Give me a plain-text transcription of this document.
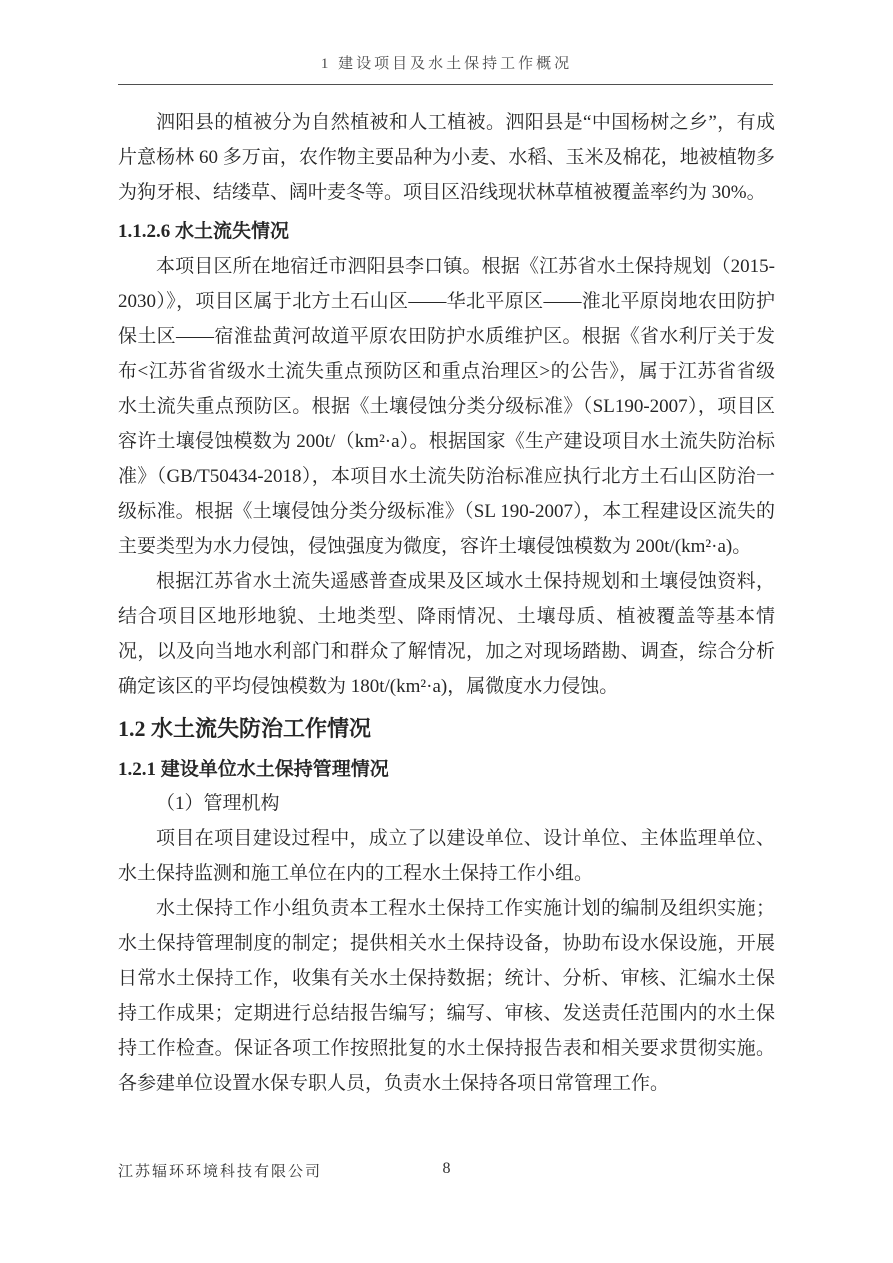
1 建设项目及水土保持工作概况

泗阳县的植被分为自然植被和人工植被。泗阳县是“中国杨树之乡”，有成片意杨林 60 多万亩，农作物主要品种为小麦、水稻、玉米及棉花，地被植物多为狗牙根、结缕草、阔叶麦冬等。项目区沿线现状林草植被覆盖率约为 30%。

1.1.2.6 水土流失情况

本项目区所在地宿迁市泗阳县李口镇。根据《江苏省水土保持规划（2015-2030）》，项目区属于北方土石山区——华北平原区——淮北平原岗地农田防护保土区——宿淮盐黄河故道平原农田防护水质维护区。根据《省水利厅关于发布<江苏省省级水土流失重点预防区和重点治理区>的公告》，属于江苏省省级水土流失重点预防区。根据《土壤侵蚀分类分级标准》（SL190-2007），项目区容许土壤侵蚀模数为 200t/（km²·a）。根据国家《生产建设项目水土流失防治标准》（GB/T50434-2018），本项目水土流失防治标准应执行北方土石山区防治一级标准。根据《土壤侵蚀分类分级标准》（SL 190-2007），本工程建设区流失的主要类型为水力侵蚀，侵蚀强度为微度，容许土壤侵蚀模数为 200t/(km²·a)。

根据江苏省水土流失遥感普查成果及区域水土保持规划和土壤侵蚀资料，结合项目区地形地貌、土地类型、降雨情况、土壤母质、植被覆盖等基本情况，以及向当地水利部门和群众了解情况，加之对现场踏勘、调查，综合分析确定该区的平均侵蚀模数为 180t/(km²·a)，属微度水力侵蚀。

1.2 水土流失防治工作情况

1.2.1 建设单位水土保持管理情况

（1）管理机构

项目在项目建设过程中，成立了以建设单位、设计单位、主体监理单位、水土保持监测和施工单位在内的工程水土保持工作小组。

水土保持工作小组负责本工程水土保持工作实施计划的编制及组织实施；水土保持管理制度的制定；提供相关水土保持设备，协助布设水保设施，开展日常水土保持工作，收集有关水土保持数据；统计、分析、审核、汇编水土保持工作成果；定期进行总结报告编写；编写、审核、发送责任范围内的水土保持工作检查。保证各项工作按照批复的水土保持报告表和相关要求贯彻实施。各参建单位设置水保专职人员，负责水土保持各项日常管理工作。

江苏辐环环境科技有限公司	8
